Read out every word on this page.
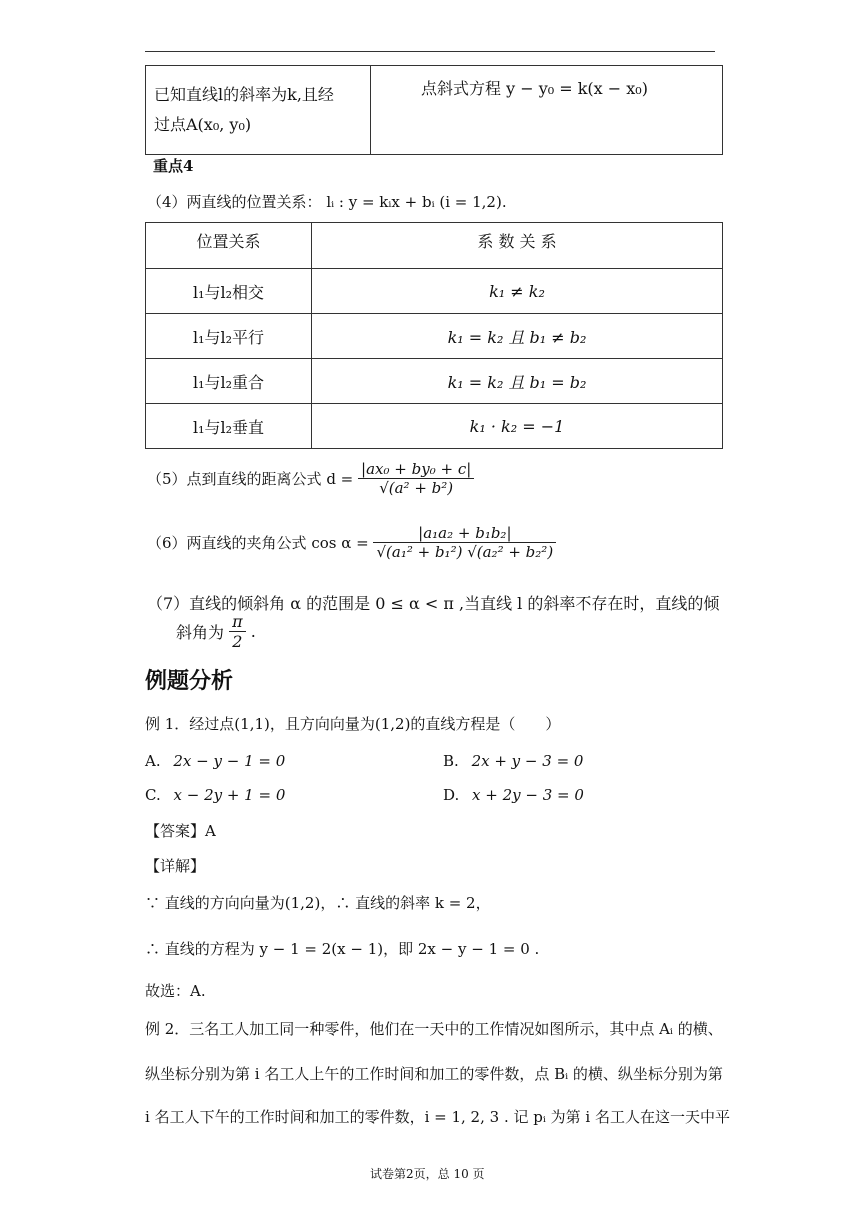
已知直线l的斜率为k,且经
过点A(x₀, y₀)
	点斜式方程 y − y₀ = k(x − x₀)
重点4
（4）两直线的位置关系： lᵢ : y = kᵢx + bᵢ (i = 1,2).
位置关系	系 数 关 系
l₁与l₂相交	k₁ ≠ k₂
l₁与l₂平行	k₁ = k₂ 且 b₁ ≠ b₂
l₁与l₂重合	k₁ = k₂ 且 b₁ = b₂
l₁与l₂垂直	k₁ · k₂ = −1
（5）点到直线的距离公式 $d = \frac{\text{|ax₀ + by₀ + c|}}{\text{√(a² + b²)}}$
（6）两直线的夹角公式 $\cos \alpha = \frac{\text{|a₁a₂ + b₁b₂|}}{\text{√(a₁² + b₁²) √(a₂² + b₂²)}}$
（7）直线的倾斜角 α 的范围是 0 ≤ α < π ,当直线 l 的斜率不存在时，直线的倾
斜角为 $\frac{\pi}{2}$ .
例题分析
例 1．经过点(1,1)，且方向向量为(1,2)的直线方程是（　　）
A. 2x − y − 1 = 0	B. 2x + y − 3 = 0
C. x − 2y + 1 = 0	D. x + 2y − 3 = 0
【答案】A
【详解】
∵ 直线的方向向量为(1,2)，∴ 直线的斜率 k = 2，
∴ 直线的方程为 y − 1 = 2(x − 1)，即 2x − y − 1 = 0 .
故选：A.
例 2．三名工人加工同一种零件，他们在一天中的工作情况如图所示，其中点 Aᵢ 的横、
纵坐标分别为第 i 名工人上午的工作时间和加工的零件数，点 Bᵢ 的横、纵坐标分别为第
i 名工人下午的工作时间和加工的零件数，i = 1, 2, 3 . 记 pᵢ 为第 i 名工人在这一天中平
试卷第2页，总 10 页
